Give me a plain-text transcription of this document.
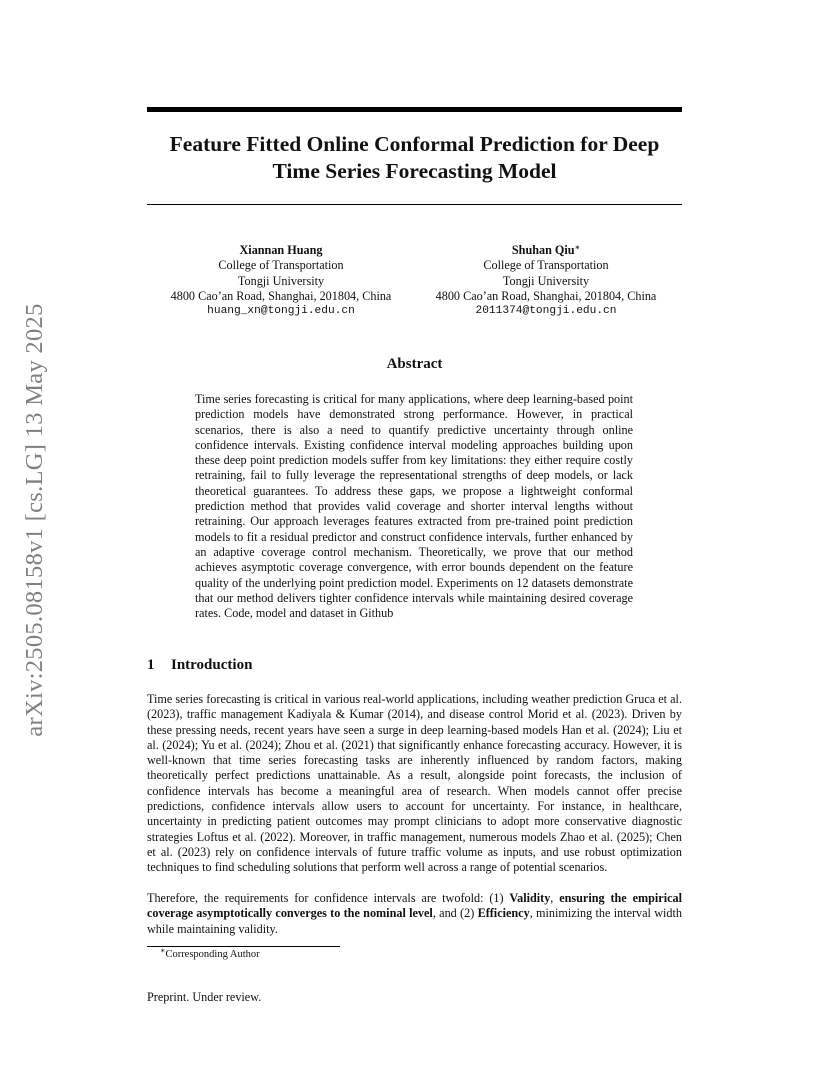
arXiv:2505.08158v1 [cs.LG] 13 May 2025
Feature Fitted Online Conformal Prediction for Deep
Time Series Forecasting Model
Xiannan Huang
College of Transportation
Tongji University
4800 Cao’an Road, Shanghai, 201804, China
huang_xn@tongji.edu.cn
Shuhan Qiu∗
College of Transportation
Tongji University
4800 Cao’an Road, Shanghai, 201804, China
2011374@tongji.edu.cn
Abstract

Time series forecasting is critical for many applications, where deep learning-based point prediction models have demonstrated strong performance. However, in practical scenarios, there is also a need to quantify predictive uncertainty through online confidence intervals. Existing confidence interval modeling approaches building upon these deep point prediction models suffer from key limitations: they either require costly retraining, fail to fully leverage the representational strengths of deep models, or lack theoretical guarantees. To address these gaps, we propose a lightweight conformal prediction method that provides valid coverage and shorter interval lengths without retraining. Our approach leverages features extracted from pre-trained point prediction models to fit a residual predictor and construct confidence intervals, further enhanced by an adaptive coverage control mechanism. Theoretically, we prove that our method achieves asymptotic coverage convergence, with error bounds dependent on the feature quality of the underlying point prediction model. Experiments on 12 datasets demonstrate that our method delivers tighter confidence intervals while maintaining desired coverage rates. Code, model and dataset in Github

1 Introduction

Time series forecasting is critical in various real-world applications, including weather prediction Gruca et al. (2023), traffic management Kadiyala & Kumar (2014), and disease control Morid et al. (2023). Driven by these pressing needs, recent years have seen a surge in deep learning-based models Han et al. (2024); Liu et al. (2024); Yu et al. (2024); Zhou et al. (2021) that significantly enhance forecasting accuracy. However, it is well-known that time series forecasting tasks are inherently influenced by random factors, making theoretically perfect predictions unattainable. As a result, alongside point forecasts, the inclusion of confidence intervals has become a meaningful area of research. When models cannot offer precise predictions, confidence intervals allow users to account for uncertainty. For instance, in healthcare, uncertainty in predicting patient outcomes may prompt clinicians to adopt more conservative diagnostic strategies Loftus et al. (2022). Moreover, in traffic management, numerous models Zhao et al. (2025); Chen et al. (2023) rely on confidence intervals of future traffic volume as inputs, and use robust optimization techniques to find scheduling solutions that perform well across a range of potential scenarios.

Therefore, the requirements for confidence intervals are twofold: (1) Validity, ensuring the empirical coverage asymptotically converges to the nominal level, and (2) Efficiency, minimizing the interval width while maintaining validity.

∗Corresponding Author

Preprint. Under review.
